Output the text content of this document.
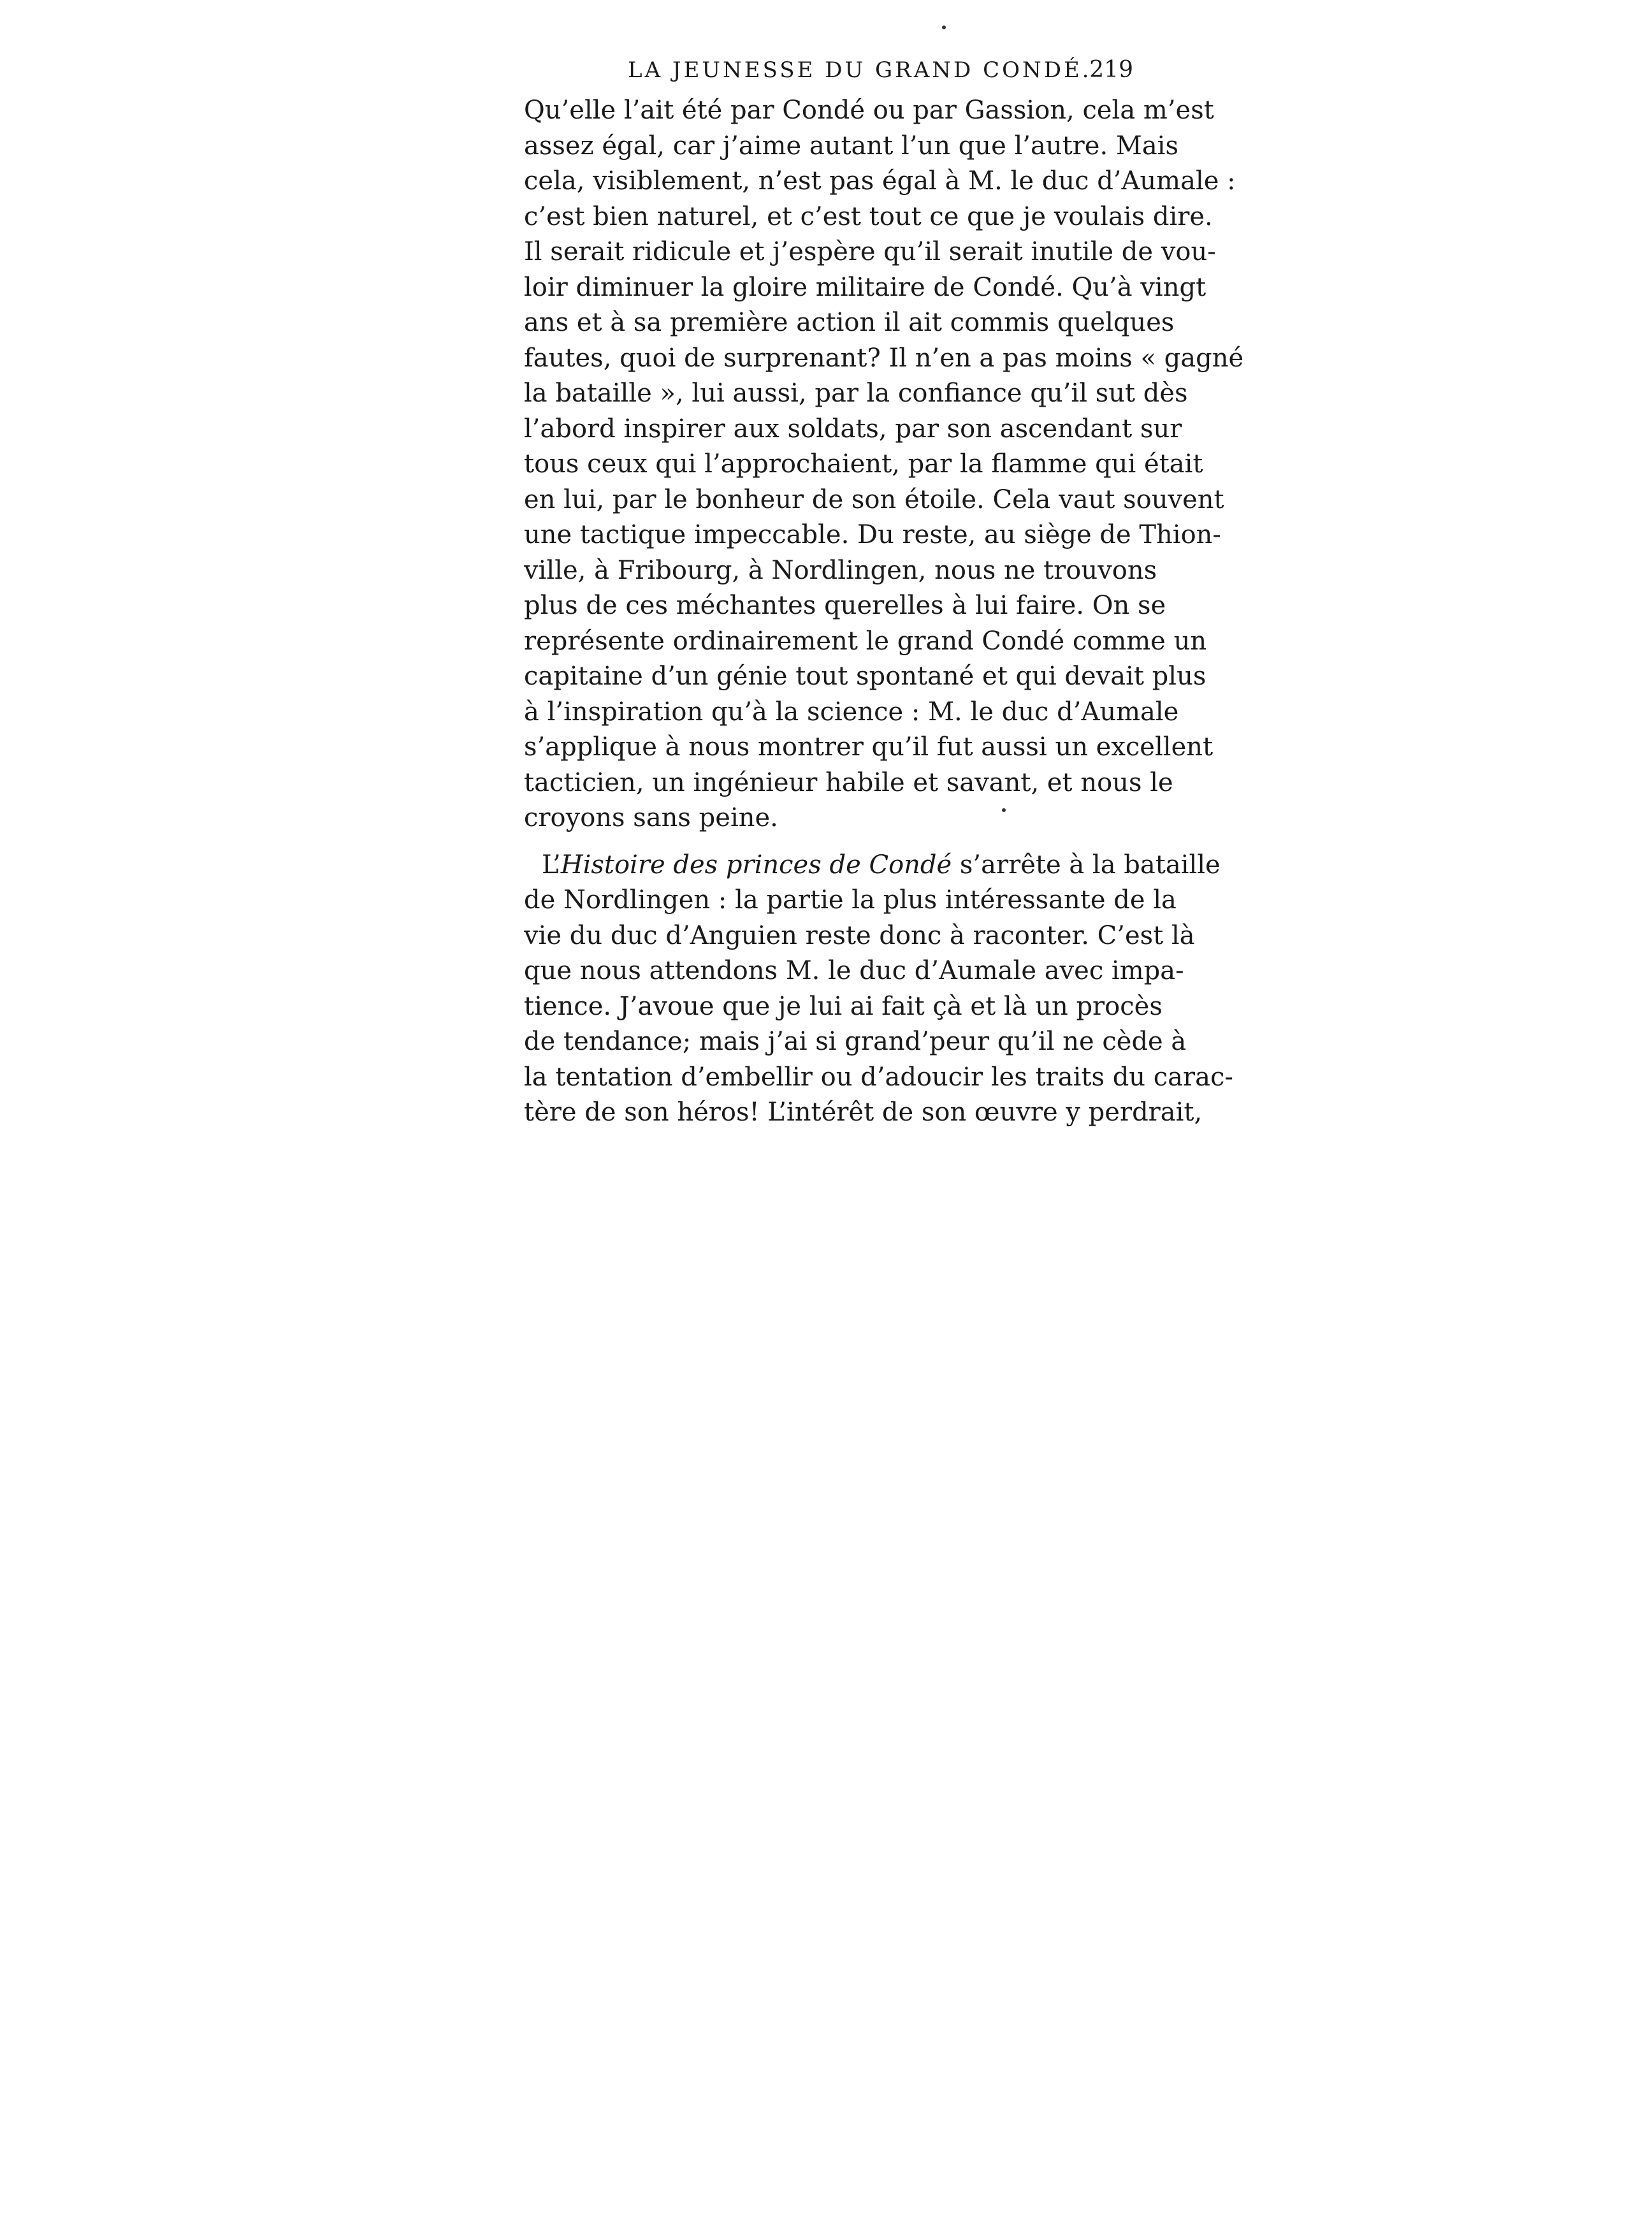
LA JEUNESSE DU GRAND CONDÉ.
219
Qu’elle l’ait été par Condé ou par Gassion, cela m’est
assez égal, car j’aime autant l’un que l’autre. Mais
cela, visiblement, n’est pas égal à M. le duc d’Aumale :
c’est bien naturel, et c’est tout ce que je voulais dire.
Il serait ridicule et j’espère qu’il serait inutile de vou-
loir diminuer la gloire militaire de Condé. Qu’à vingt
ans et à sa première action il ait commis quelques
fautes, quoi de surprenant? Il n’en a pas moins « gagné
la bataille », lui aussi, par la confiance qu’il sut dès
l’abord inspirer aux soldats, par son ascendant sur
tous ceux qui l’approchaient, par la flamme qui était
en lui, par le bonheur de son étoile. Cela vaut souvent
une tactique impeccable. Du reste, au siège de Thion-
ville, à Fribourg, à Nordlingen, nous ne trouvons
plus de ces méchantes querelles à lui faire. On se
représente ordinairement le grand Condé comme un
capitaine d’un génie tout spontané et qui devait plus
à l’inspiration qu’à la science : M. le duc d’Aumale
s’applique à nous montrer qu’il fut aussi un excellent
tacticien, un ingénieur habile et savant, et nous le
croyons sans peine.
L’Histoire des princes de Condé s’arrête à la bataille
de Nordlingen : la partie la plus intéressante de la
vie du duc d’Anguien reste donc à raconter. C’est là
que nous attendons M. le duc d’Aumale avec impa-
tience. J’avoue que je lui ai fait çà et là un procès
de tendance; mais j’ai si grand’peur qu’il ne cède à
la tentation d’embellir ou d’adoucir les traits du carac-
tère de son héros! L’intérêt de son œuvre y perdrait,
